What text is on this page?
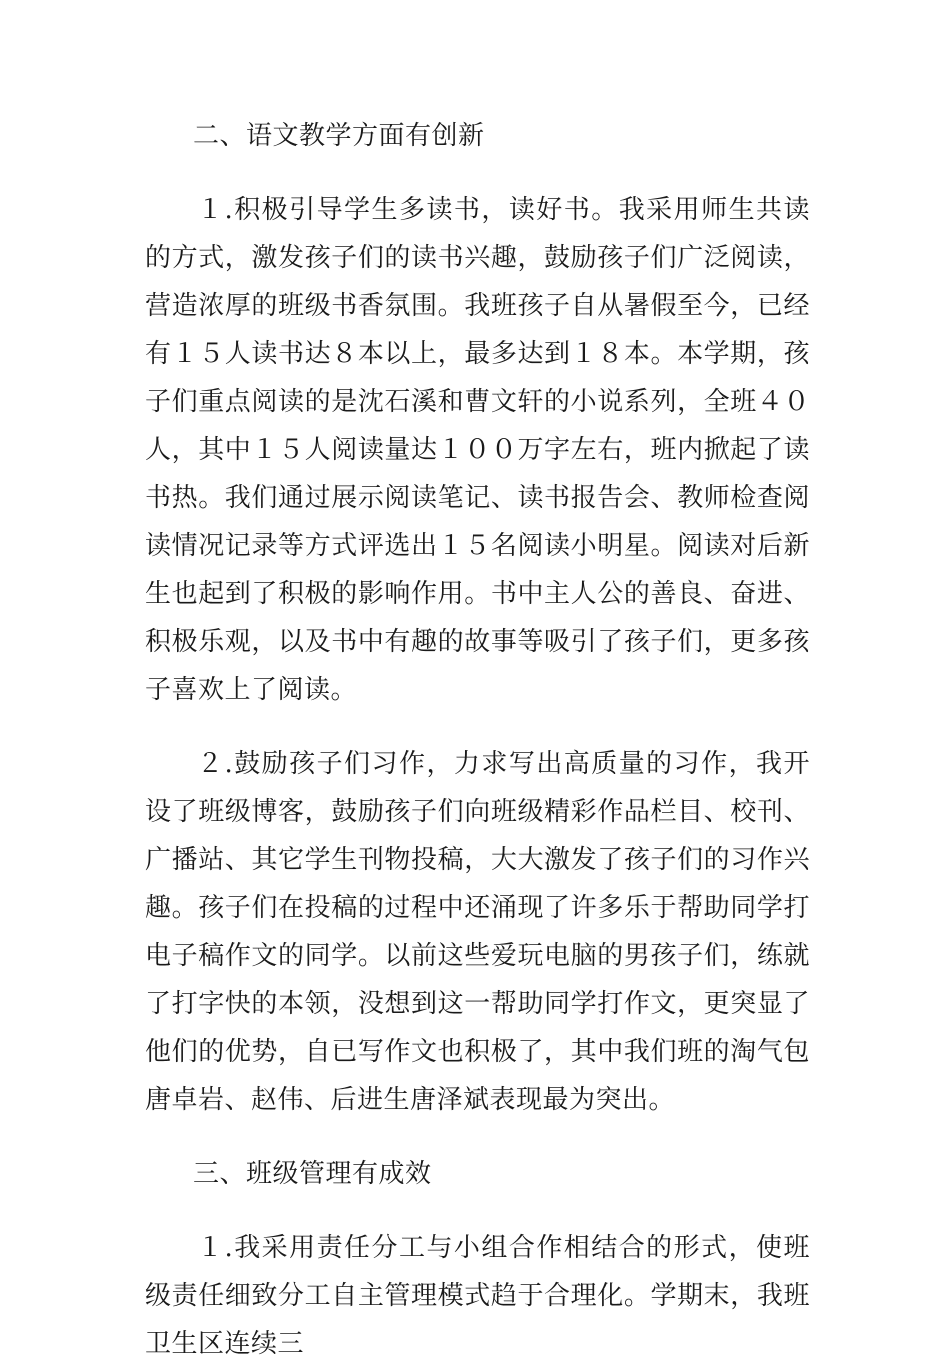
二、语文教学方面有创新

１.积极引导学生多读书，读好书。我采用师生共读的方式，激发孩子们的读书兴趣，鼓励孩子们广泛阅读，营造浓厚的班级书香氛围。我班孩子自从暑假至今，已经有１５人读书达８本以上，最多达到１８本。本学期，孩子们重点阅读的是沈石溪和曹文轩的小说系列，全班４０人，其中１５人阅读量达１００万字左右，班内掀起了读书热。我们通过展示阅读笔记、读书报告会、教师检查阅读情况记录等方式评选出１５名阅读小明星。阅读对后新生也起到了积极的影响作用。书中主人公的善良、奋进、积极乐观，以及书中有趣的故事等吸引了孩子们，更多孩子喜欢上了阅读。

２.鼓励孩子们习作，力求写出高质量的习作，我开设了班级博客，鼓励孩子们向班级精彩作品栏目、校刊、广播站、其它学生刊物投稿，大大激发了孩子们的习作兴趣。孩子们在投稿的过程中还涌现了许多乐于帮助同学打电子稿作文的同学。以前这些爱玩电脑的男孩子们，练就了打字快的本领，没想到这一帮助同学打作文，更突显了他们的优势，自已写作文也积极了，其中我们班的淘气包唐卓岩、赵伟、后进生唐泽斌表现最为突出。

三、班级管理有成效

１.我采用责任分工与小组合作相结合的形式，使班级责任细致分工自主管理模式趋于合理化。学期末，我班卫生区连续三
